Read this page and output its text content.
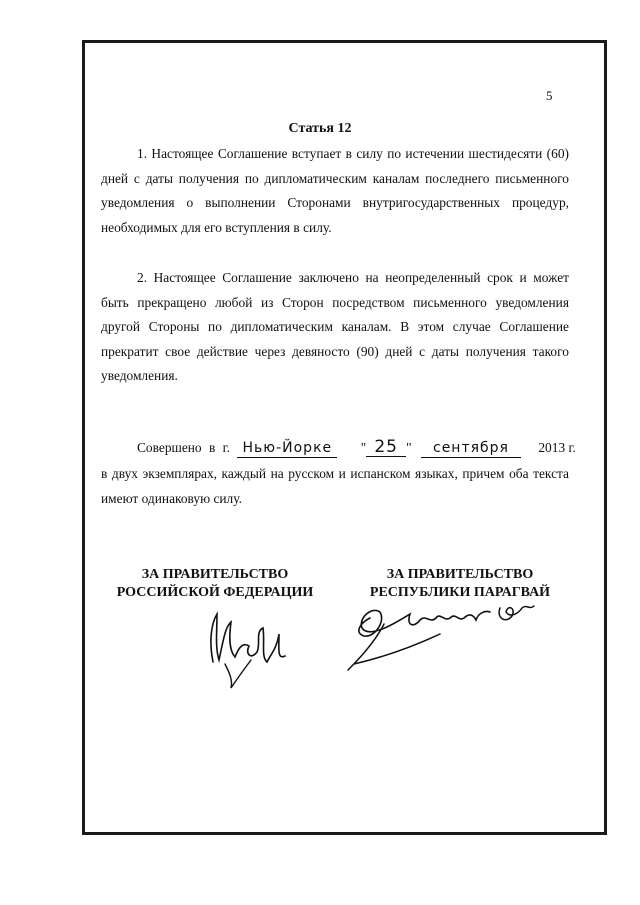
5
Статья 12

1. Настоящее Соглашение вступает в силу по истечении шестидесяти (60) дней с даты получения по дипломатическим каналам последнего письменного уведомления о выполнении Сторонами внутригосударственных процедур, необходимых для его вступления в силу.

2. Настоящее Соглашение заключено на неопределенный срок и может быть прекращено любой из Сторон посредством письменного уведомления другой Стороны по дипломатическим каналам. В этом случае Соглашение прекратит свое действие через девяносто (90) дней с даты получения такого уведомления.

Совершено в г. Нью-Йорке " 25 " сентября 2013 г.
в двух экземплярах, каждый на русском и испанском языках, причем оба текста имеют одинаковую силу.
ЗА ПРАВИТЕЛЬСТВО
РОССИЙСКОЙ ФЕДЕРАЦИИ
ЗА ПРАВИТЕЛЬСТВО
РЕСПУБЛИКИ ПАРАГВАЙ
